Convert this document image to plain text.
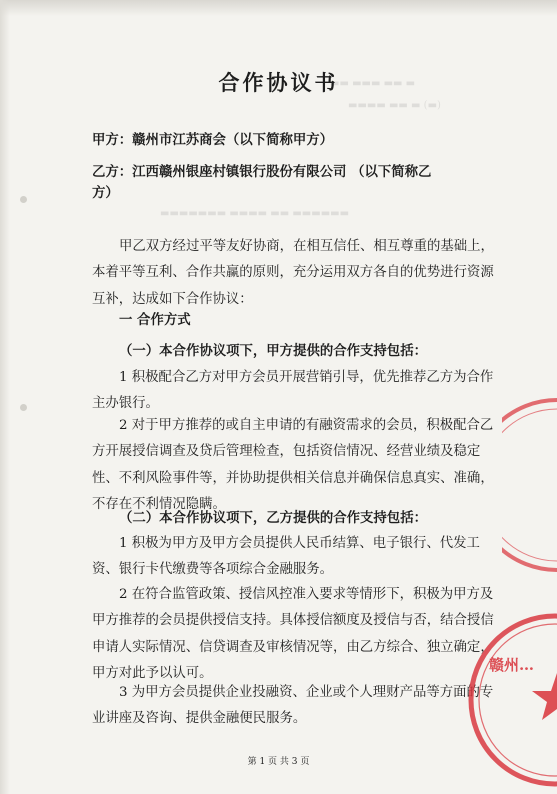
▬▬ ▬▬▬ ▬▬ ▬
▬▬▬▬ ▬▬ ▬ (▬)
▬▬▬▬▬▬▬ ▬▬▬▬ ▬▬ ▬▬▬▬▬▬
合作协议书
甲方：赣州市江苏商会（以下简称甲方）
乙方：江西赣州银座村镇银行股份有限公司 （以下简称乙
方）
甲乙双方经过平等友好协商，在相互信任、相互尊重的基础上，本着平等互利、合作共赢的原则，充分运用双方各自的优势进行资源互补，达成如下合作协议：
一 合作方式
（一）本合作协议项下，甲方提供的合作支持包括：
1 积极配合乙方对甲方会员开展营销引导，优先推荐乙方为合作主办银行。
2 对于甲方推荐的或自主申请的有融资需求的会员，积极配合乙方开展授信调查及贷后管理检查，包括资信情况、经营业绩及稳定性、不利风险事件等，并协助提供相关信息并确保信息真实、准确，不存在不利情况隐瞒。
（二）本合作协议项下，乙方提供的合作支持包括：
1 积极为甲方及甲方会员提供人民币结算、电子银行、代发工资、银行卡代缴费等各项综合金融服务。
2 在符合监管政策、授信风控准入要求等情形下，积极为甲方及甲方推荐的会员提供授信支持。具体授信额度及授信与否，结合授信申请人实际情况、信贷调查及审核情况等，由乙方综合、独立确定，甲方对此予以认可。
3 为甲方会员提供企业投融资、企业或个人理财产品等方面的专业讲座及咨询、提供金融便民服务。
第 1 页 共 3 页
赣州…
